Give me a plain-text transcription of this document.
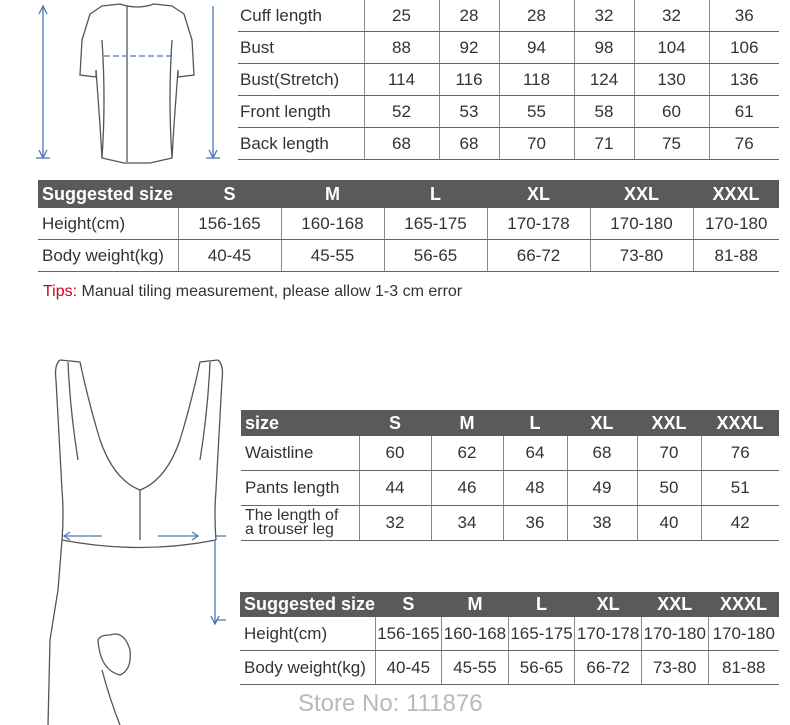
Cuff length	25	28	28	32	32	36
Bust	88	92	94	98	104	106
Bust(Stretch)	114	116	118	124	130	136
Front length	52	53	55	58	60	61
Back length	68	68	70	71	75	76
Suggested size	S	M	L	XL	XXL	XXXL
Height(cm)	156-165	160-168	165-175	170-178	170-180	170-180
Body weight(kg)	40-45	45-55	56-65	66-72	73-80	81-88
Tips: Manual tiling measurement, please allow 1-3 cm error
size	S	M	L	XL	XXL	XXXL
Waistline	60	62	64	68	70	76
Pants length	44	46	48	49	50	51

The length of
a trouser leg	32	34	36	38	40	42
Suggested size	S	M	L	XL	XXL	XXXL
Height(cm)	156-165	160-168	165-175	170-178	170-180	170-180
Body weight(kg)	40-45	45-55	56-65	66-72	73-80	81-88
Store No: 111876
